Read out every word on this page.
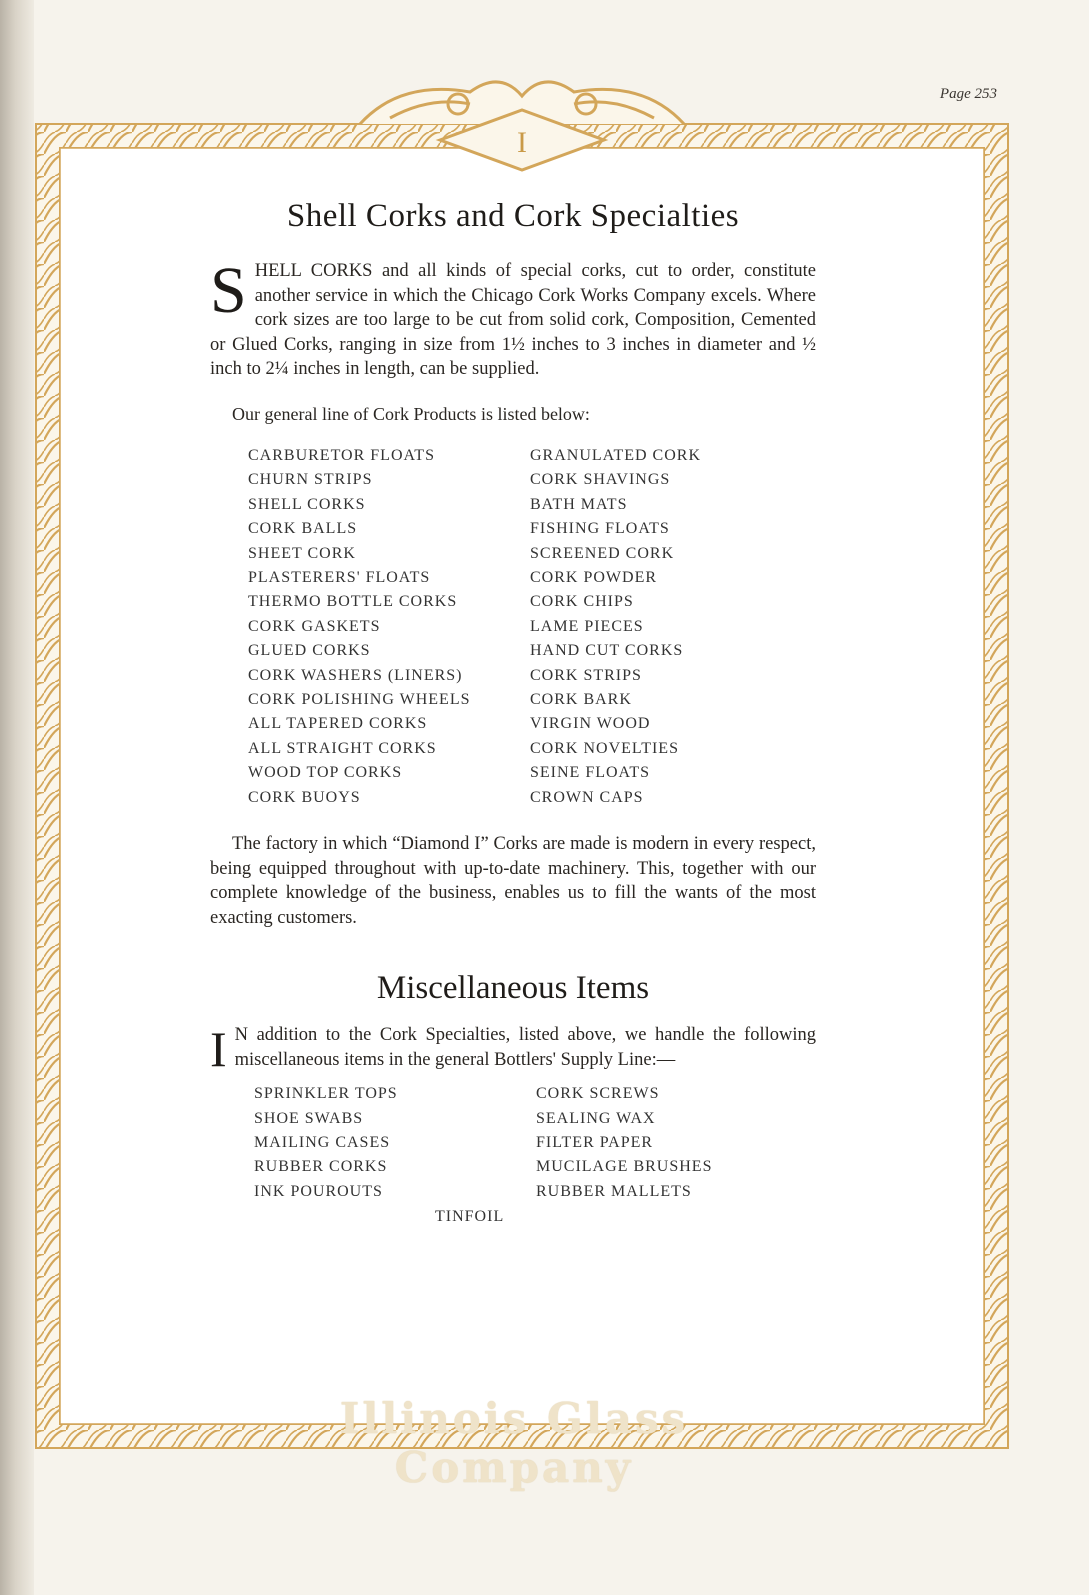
Page 253
I
Shell Corks and Cork Specialties

S HELL CORKS and all kinds of special corks, cut to order, constitute another service in which the Chicago Cork Works Company excels. Where cork sizes are too large to be cut from solid cork, Composition, Cemented or Glued Corks, ranging in size from 1½ inches to 3 inches in diameter and ½ inch to 2¼ inches in length, can be supplied.

Our general line of Cork Products is listed below:

CARBURETOR FLOATS
CHURN STRIPS
SHELL CORKS
CORK BALLS
SHEET CORK
PLASTERERS' FLOATS
THERMO BOTTLE CORKS
CORK GASKETS
GLUED CORKS
CORK WASHERS (LINERS)
CORK POLISHING WHEELS
ALL TAPERED CORKS
ALL STRAIGHT CORKS
WOOD TOP CORKS
CORK BUOYS
GRANULATED CORK
CORK SHAVINGS
BATH MATS
FISHING FLOATS
SCREENED CORK
CORK POWDER
CORK CHIPS
LAME PIECES
HAND CUT CORKS
CORK STRIPS
CORK BARK
VIRGIN WOOD
CORK NOVELTIES
SEINE FLOATS
CROWN CAPS

The factory in which “Diamond I” Corks are made is modern in every respect, being equipped throughout with up-to-date machinery. This, together with our complete knowledge of the business, enables us to fill the wants of the most exacting customers.

Miscellaneous Items

I N addition to the Cork Specialties, listed above, we handle the following miscellaneous items in the general Bottlers' Supply Line:—

SPRINKLER TOPS
SHOE SWABS
MAILING CASES
RUBBER CORKS
INK POUROUTS
CORK SCREWS
SEALING WAX
FILTER PAPER
MUCILAGE BRUSHES
RUBBER MALLETS
TINFOIL
Illinois Glass Company
